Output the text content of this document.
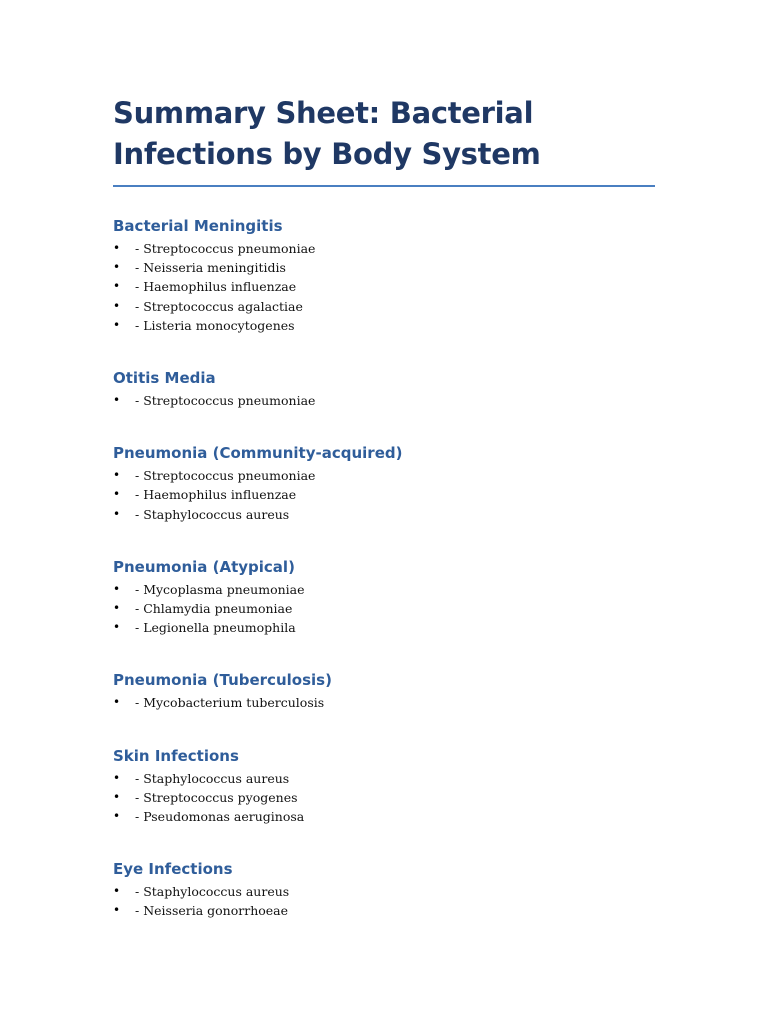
Summary Sheet: Bacterial Infections by Body System
Bacterial Meningitis
• - Streptococcus pneumoniae
• - Neisseria meningitidis
• - Haemophilus influenzae
• - Streptococcus agalactiae
• - Listeria monocytogenes
Otitis Media
• - Streptococcus pneumoniae
Pneumonia (Community-acquired)
• - Streptococcus pneumoniae
• - Haemophilus influenzae
• - Staphylococcus aureus
Pneumonia (Atypical)
• - Mycoplasma pneumoniae
• - Chlamydia pneumoniae
• - Legionella pneumophila
Pneumonia (Tuberculosis)
• - Mycobacterium tuberculosis
Skin Infections
• - Staphylococcus aureus
• - Streptococcus pyogenes
• - Pseudomonas aeruginosa
Eye Infections
• - Staphylococcus aureus
• - Neisseria gonorrhoeae
